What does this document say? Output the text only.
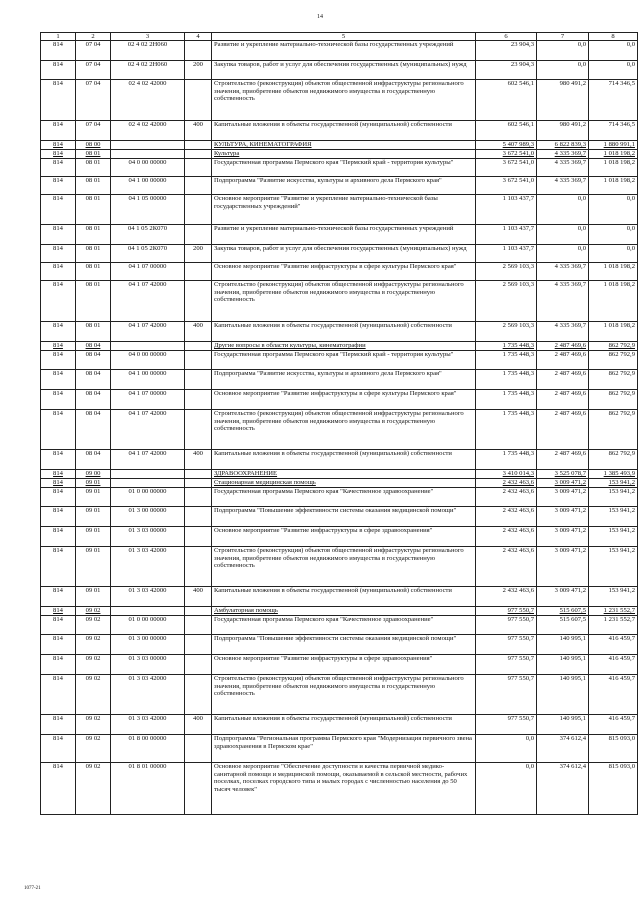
14
1	2	3	4	5	6	7	8
814	07 04	02 4 02 2Н060		Развитие и укрепление материально-технической базы государственных учреждений	23 904,3	0,0	0,0
814	07 04	02 4 02 2Н060	200	Закупка товаров, работ и услуг для обеспечения государственных (муниципальных) нужд	23 904,3	0,0	0,0
814	07 04	02 4 02 42000		Строительство (реконструкция) объектов общественной инфраструктуры регионального значения, приобретение объектов недвижимого имущества в государственную собственность	602 546,1	980 491,2	714 346,5
814	07 04	02 4 02 42000	400	Капитальные вложения в объекты государственной (муниципальной) собственности	602 546,1	980 491,2	714 346,5
814	08 00			КУЛЬТУРА, КИНЕМАТОГРАФИЯ	5 407 989,3	6 822 839,3	1 880 991,1
814	08 01			Культура	3 672 541,0	4 335 369,7	1 018 198,2
814	08 01	04 0 00 00000		Государственная программа Пермского края "Пермский край - территория культуры"	3 672 541,0	4 335 369,7	1 018 198,2
814	08 01	04 1 00 00000		Подпрограмма "Развитие искусства, культуры и архивного дела Пермского края"	3 672 541,0	4 335 369,7	1 018 198,2
814	08 01	04 1 05 00000		Основное мероприятие "Развитие и укрепление материально-технической базы государственных учреждений"	1 103 437,7	0,0	0,0
814	08 01	04 1 05 2К070		Развитие и укрепление материально-технической базы государственных учреждений	1 103 437,7	0,0	0,0
814	08 01	04 1 05 2К070	200	Закупка товаров, работ и услуг для обеспечения государственных (муниципальных) нужд	1 103 437,7	0,0	0,0
814	08 01	04 1 07 00000		Основное мероприятие "Развитие инфраструктуры в сфере культуры Пермского края"	2 569 103,3	4 335 369,7	1 018 198,2
814	08 01	04 1 07 42000		Строительство (реконструкция) объектов общественной инфраструктуры регионального значения, приобретение объектов недвижимого имущества в государственную собственность	2 569 103,3	4 335 369,7	1 018 198,2
814	08 01	04 1 07 42000	400	Капитальные вложения в объекты государственной (муниципальной) собственности	2 569 103,3	4 335 369,7	1 018 198,2
814	08 04			Другие вопросы в области культуры, кинематографии	1 735 448,3	2 487 469,6	862 792,9
814	08 04	04 0 00 00000		Государственная программа Пермского края "Пермский край - территория культуры"	1 735 448,3	2 487 469,6	862 792,9
814	08 04	04 1 00 00000		Подпрограмма "Развитие искусства, культуры и архивного дела Пермского края"	1 735 448,3	2 487 469,6	862 792,9
814	08 04	04 1 07 00000		Основное мероприятие "Развитие инфраструктуры в сфере культуры Пермского края"	1 735 448,3	2 487 469,6	862 792,9
814	08 04	04 1 07 42000		Строительство (реконструкция) объектов общественной инфраструктуры регионального значения, приобретение объектов недвижимого имущества в государственную собственность	1 735 448,3	2 487 469,6	862 792,9
814	08 04	04 1 07 42000	400	Капитальные вложения в объекты государственной (муниципальной) собственности	1 735 448,3	2 487 469,6	862 792,9
814	09 00			ЗДРАВООХРАНЕНИЕ	3 410 014,3	3 525 078,7	1 385 493,9
814	09 01			Стационарная медицинская помощь	2 432 463,6	3 009 471,2	153 941,2
814	09 01	01 0 00 00000		Государственная программа Пермского края "Качественное здравоохранение"	2 432 463,6	3 009 471,2	153 941,2
814	09 01	01 3 00 00000		Подпрограмма "Повышение эффективности системы оказания медицинской помощи"	2 432 463,6	3 009 471,2	153 941,2
814	09 01	01 3 03 00000		Основное мероприятие "Развитие инфраструктуры в сфере здравоохранения"	2 432 463,6	3 009 471,2	153 941,2
814	09 01	01 3 03 42000		Строительство (реконструкция) объектов общественной инфраструктуры регионального значения, приобретение объектов недвижимого имущества в государственную собственность	2 432 463,6	3 009 471,2	153 941,2
814	09 01	01 3 03 42000	400	Капитальные вложения в объекты государственной (муниципальной) собственности	2 432 463,6	3 009 471,2	153 941,2
814	09 02			Амбулаторная помощь	977 550,7	515 607,5	1 231 552,7
814	09 02	01 0 00 00000		Государственная программа Пермского края "Качественное здравоохранение"	977 550,7	515 607,5	1 231 552,7
814	09 02	01 3 00 00000		Подпрограмма "Повышение эффективности системы оказания медицинской помощи"	977 550,7	140 995,1	416 459,7
814	09 02	01 3 03 00000		Основное мероприятие "Развитие инфраструктуры в сфере здравоохранения"	977 550,7	140 995,1	416 459,7
814	09 02	01 3 03 42000		Строительство (реконструкция) объектов общественной инфраструктуры регионального значения, приобретение объектов недвижимого имущества в государственную собственность	977 550,7	140 995,1	416 459,7
814	09 02	01 3 03 42000	400	Капитальные вложения в объекты государственной (муниципальной) собственности	977 550,7	140 995,1	416 459,7
814	09 02	01 8 00 00000		Подпрограмма "Региональная программа Пермского края "Модернизация первичного звена здравоохранения в Пермском крае"	0,0	374 612,4	815 093,0
814	09 02	01 8 01 00000		Основное мероприятие "Обеспечение доступности и качества первичной медико-санитарной помощи и медицинской помощи, оказываемой в сельской местности, рабочих поселках, поселках городского типа и малых городах с численностью населения до 50 тысяч человек"	0,0	374 612,4	815 093,0
1077-21
